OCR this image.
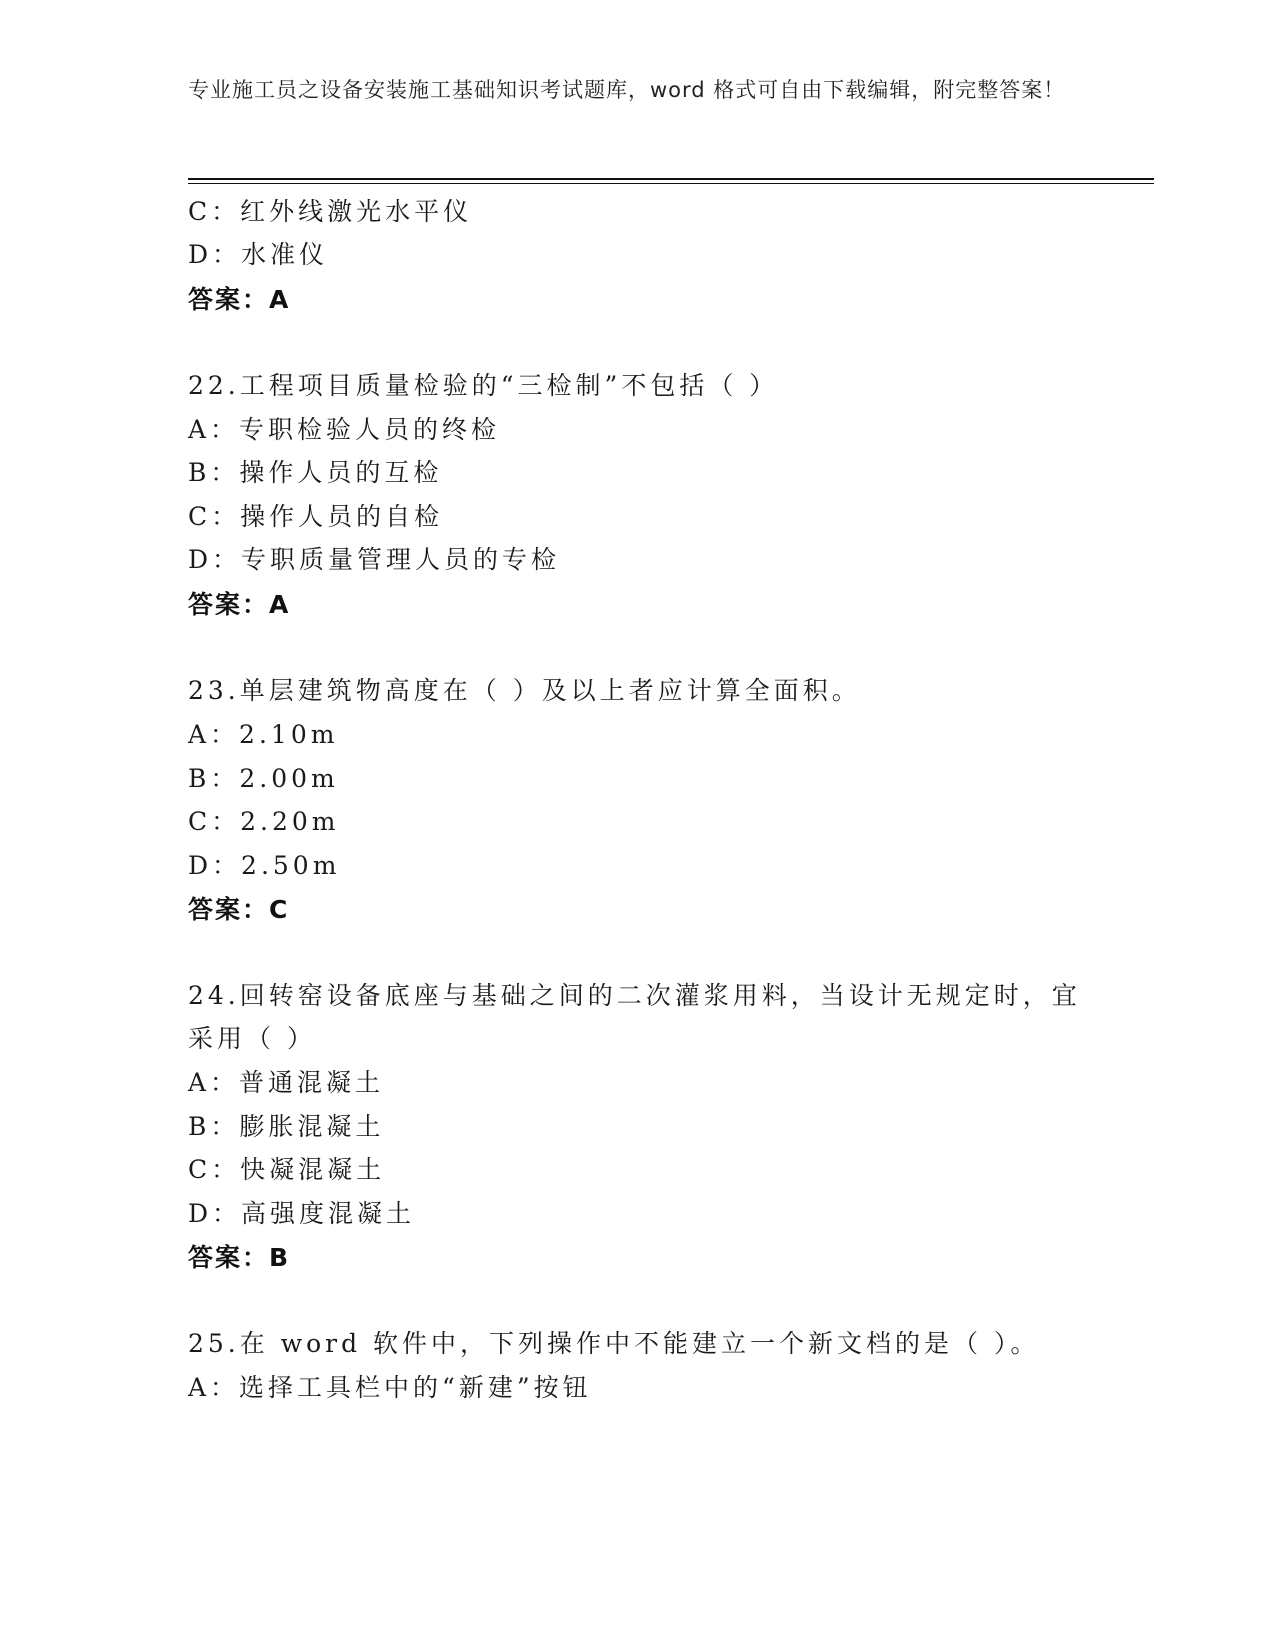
专业施工员之设备安装施工基础知识考试题库，word 格式可自由下载编辑，附完整答案！
C：红外线激光水平仪
D：水准仪
答案：A
22.工程项目质量检验的“三检制”不包括（ ）
A：专职检验人员的终检
B：操作人员的互检
C：操作人员的自检
D：专职质量管理人员的专检
答案：A
23.单层建筑物高度在（ ）及以上者应计算全面积。
A：2.10m
B：2.00m
C：2.20m
D：2.50m
答案：C
24.回转窑设备底座与基础之间的二次灌浆用料，当设计无规定时，宜
采用（ ）
A：普通混凝土
B：膨胀混凝土
C：快凝混凝土
D：高强度混凝土
答案：B
25.在 word 软件中，下列操作中不能建立一个新文档的是（ ）。
A：选择工具栏中的“新建”按钮
